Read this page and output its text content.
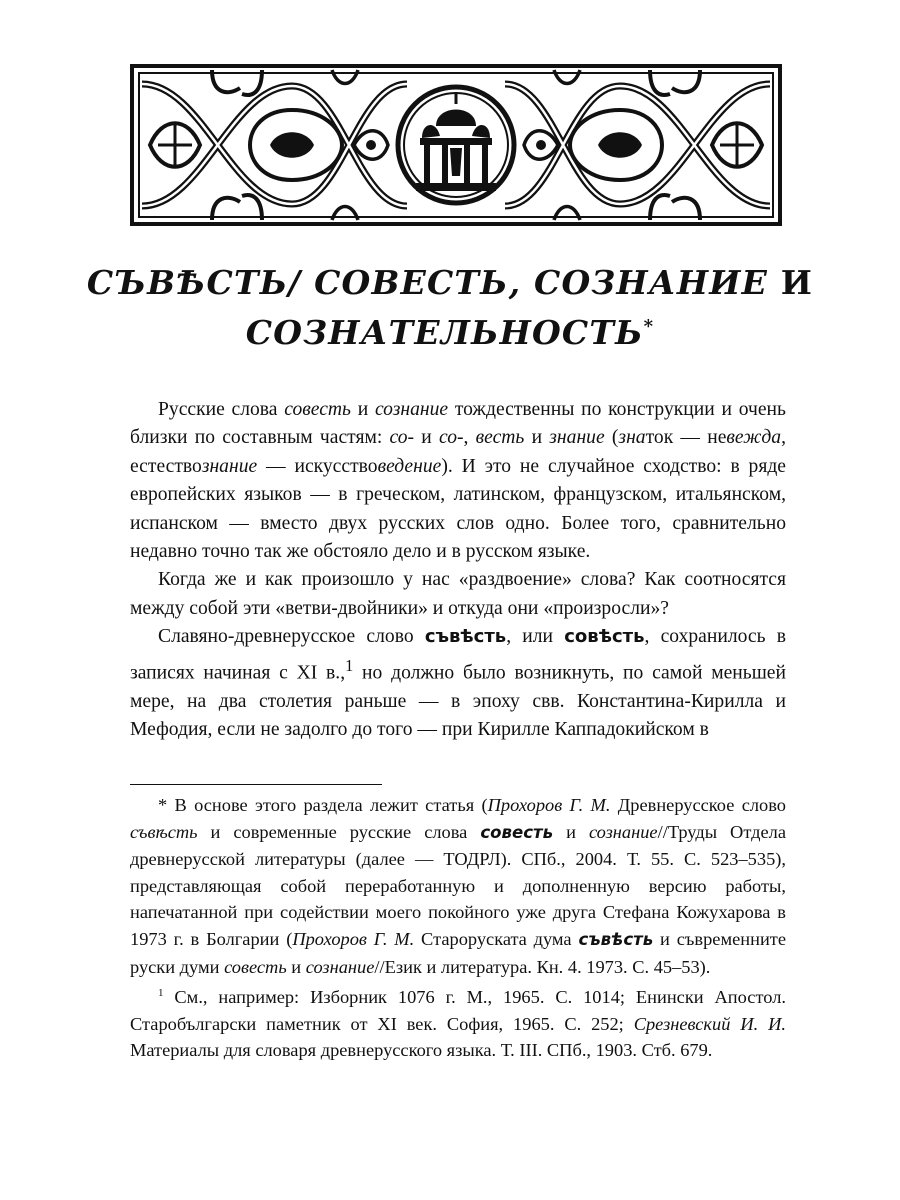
СЪВѢСТЬ/ СОВЕСТЬ, СОЗНАНИЕ И
СОЗНАТЕЛЬНОСТЬ*

Русские слова совесть и сознание тождественны по конструкции и очень близки по составным частям: со- и со-, весть и знание (знаток — невежда, естествознание — искусствоведение). И это не случайное сходство: в ряде европейских языков — в греческом, латинском, французском, итальянском, испанском — вместо двух русских слов одно. Более того, сравнительно недавно точно так же обстояло дело и в русском языке.

Когда же и как произошло у нас «раздвоение» слова? Как соотносятся между собой эти «ветви-двойники» и откуда они «произросли»?

Славяно-древнерусское слово съвѣсть, или совѣсть, сохранилось в записях начиная с XI в.,$^1$ но должно было возникнуть, по самой меньшей мере, на два столетия раньше — в эпоху свв. Константина-Кирилла и Мефодия, если не задолго до того — при Кирилле Каппадокийском в

* В основе этого раздела лежит статья (Прохоров Г. М. Древнерусское слово съвѣсть и современные русские слова совесть и сознание//Труды Отдела древнерусской литературы (далее — ТОДРЛ). СПб., 2004. Т. 55. С. 523–535), представляющая собой переработанную и дополненную версию работы, напечатанной при содействии моего покойного уже друга Стефана Кожухарова в 1973 г. в Болгарии (Прохоров Г. М. Старорускатa дума съвѣсть и съвременните руски думи совесть и сознание//Език и литература. Кн. 4. 1973. С. 45–53).

$^1$ См., например: Изборник 1076 г. М., 1965. С. 1014; Енински Апостол. Старобългарски паметник от XI век. София, 1965. С. 252; Срезневский И. И. Материалы для словаря древнерусского языка. Т. III. СПб., 1903. Стб. 679.
